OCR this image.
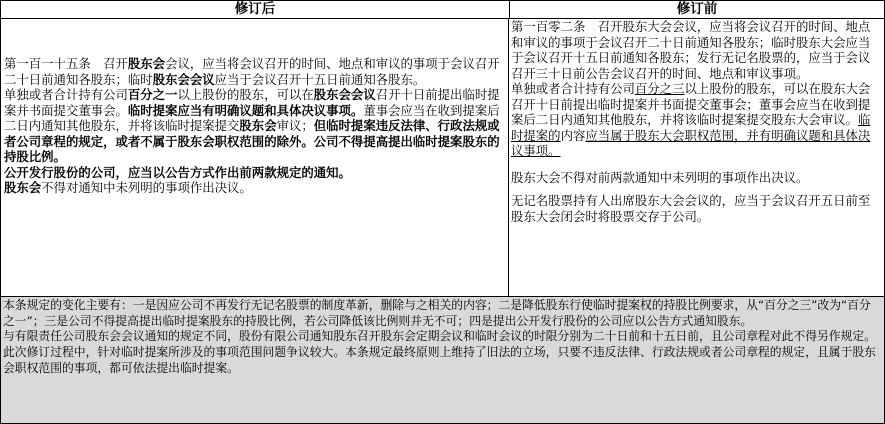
修订后	修订前

第一百一十五条　召开股东会会议，应当将会议召开的时间、地点和审议的事项于会议召开二十日前通知各股东；临时股东会会议应当于会议召开十五日前通知各股东。

单独或者合计持有公司百分之一以上股份的股东，可以在股东会会议召开十日前提出临时提案并书面提交董事会。临时提案应当有明确议题和具体决议事项。董事会应当在收到提案后二日内通知其他股东，并将该临时提案提交股东会审议；但临时提案违反法律、行政法规或者公司章程的规定，或者不属于股东会职权范围的除外。公司不得提高提出临时提案股东的持股比例。

公开发行股份的公司，应当以公告方式作出前两款规定的通知。

股东会不得对通知中未列明的事项作出决议。

第一百零二条　召开股东大会会议，应当将会议召开的时间、地点和审议的事项于会议召开二十日前通知各股东；临时股东大会应当于会议召开十五日前通知各股东；发行无记名股票的，应当于会议召开三十日前公告会议召开的时间、地点和审议事项。

单独或者合计持有公司百分之三以上股份的股东，可以在股东大会召开十日前提出临时提案并书面提交董事会；董事会应当在收到提案后二日内通知其他股东，并将该临时提案提交股东大会审议。临时提案的内容应当属于股东大会职权范围，并有明确议题和具体决议事项。

股东大会不得对前两款通知中未列明的事项作出决议。

无记名股票持有人出席股东大会会议的，应当于会议召开五日前至股东大会闭会时将股票交存于公司。

本条规定的变化主要有：一是因应公司不再发行无记名股票的制度革新，删除与之相关的内容；二是降低股东行使临时提案权的持股比例要求，从“百分之三”改为“百分之一”；三是公司不得提高提出临时提案股东的持股比例，若公司降低该比例则并无不可；四是提出公开发行股份的公司应以公告方式通知股东。

与有限责任公司股东会会议通知的规定不同，股份有限公司通知股东召开股东会定期会议和临时会议的时限分别为二十日前和十五日前，且公司章程对此不得另作规定。

此次修订过程中，针对临时提案所涉及的事项范围问题争议较大。本条规定最终原则上维持了旧法的立场，只要不违反法律、行政法规或者公司章程的规定，且属于股东会职权范围的事项，都可依法提出临时提案。
